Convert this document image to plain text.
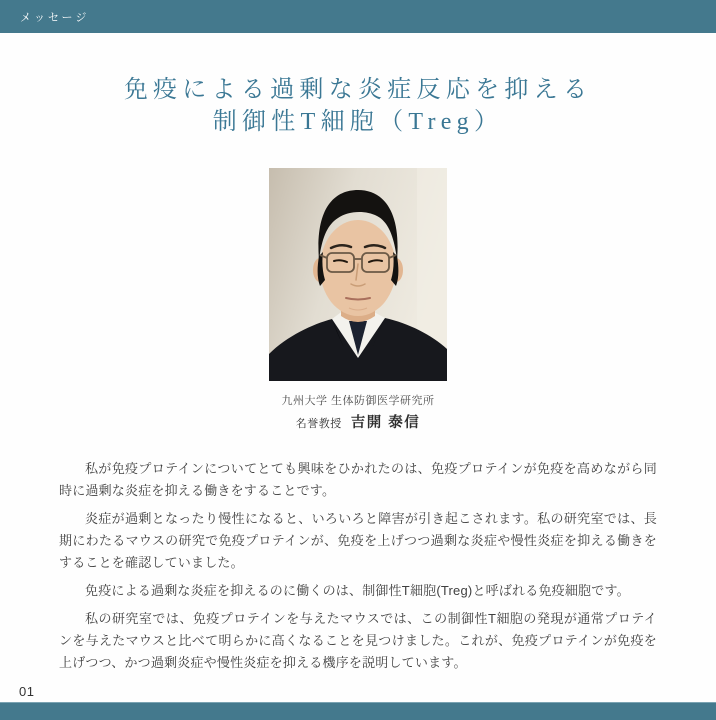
メッセージ
免疫による過剰な炎症反応を抑える
制御性T細胞（Treg）
九州大学 生体防御医学研究所
名誉教授 吉開 泰信

私が免疫プロテインについてとても興味をひかれたのは、免疫プロテインが免疫を高めながら同時に過剰な炎症を抑える働きをすることです。

炎症が過剰となったり慢性になると、いろいろと障害が引き起こされます。私の研究室では、長期にわたるマウスの研究で免疫プロテインが、免疫を上げつつ過剰な炎症や慢性炎症を抑える働きをすることを確認していました。

免疫による過剰な炎症を抑えるのに働くのは、制御性T細胞(Treg)と呼ばれる免疫細胞です。

私の研究室では、免疫プロテインを与えたマウスでは、この制御性T細胞の発現が通常プロテインを与えたマウスと比べて明らかに高くなることを見つけました。これが、免疫プロテインが免疫を上げつつ、かつ過剰炎症や慢性炎症を抑える機序を説明しています。

01
